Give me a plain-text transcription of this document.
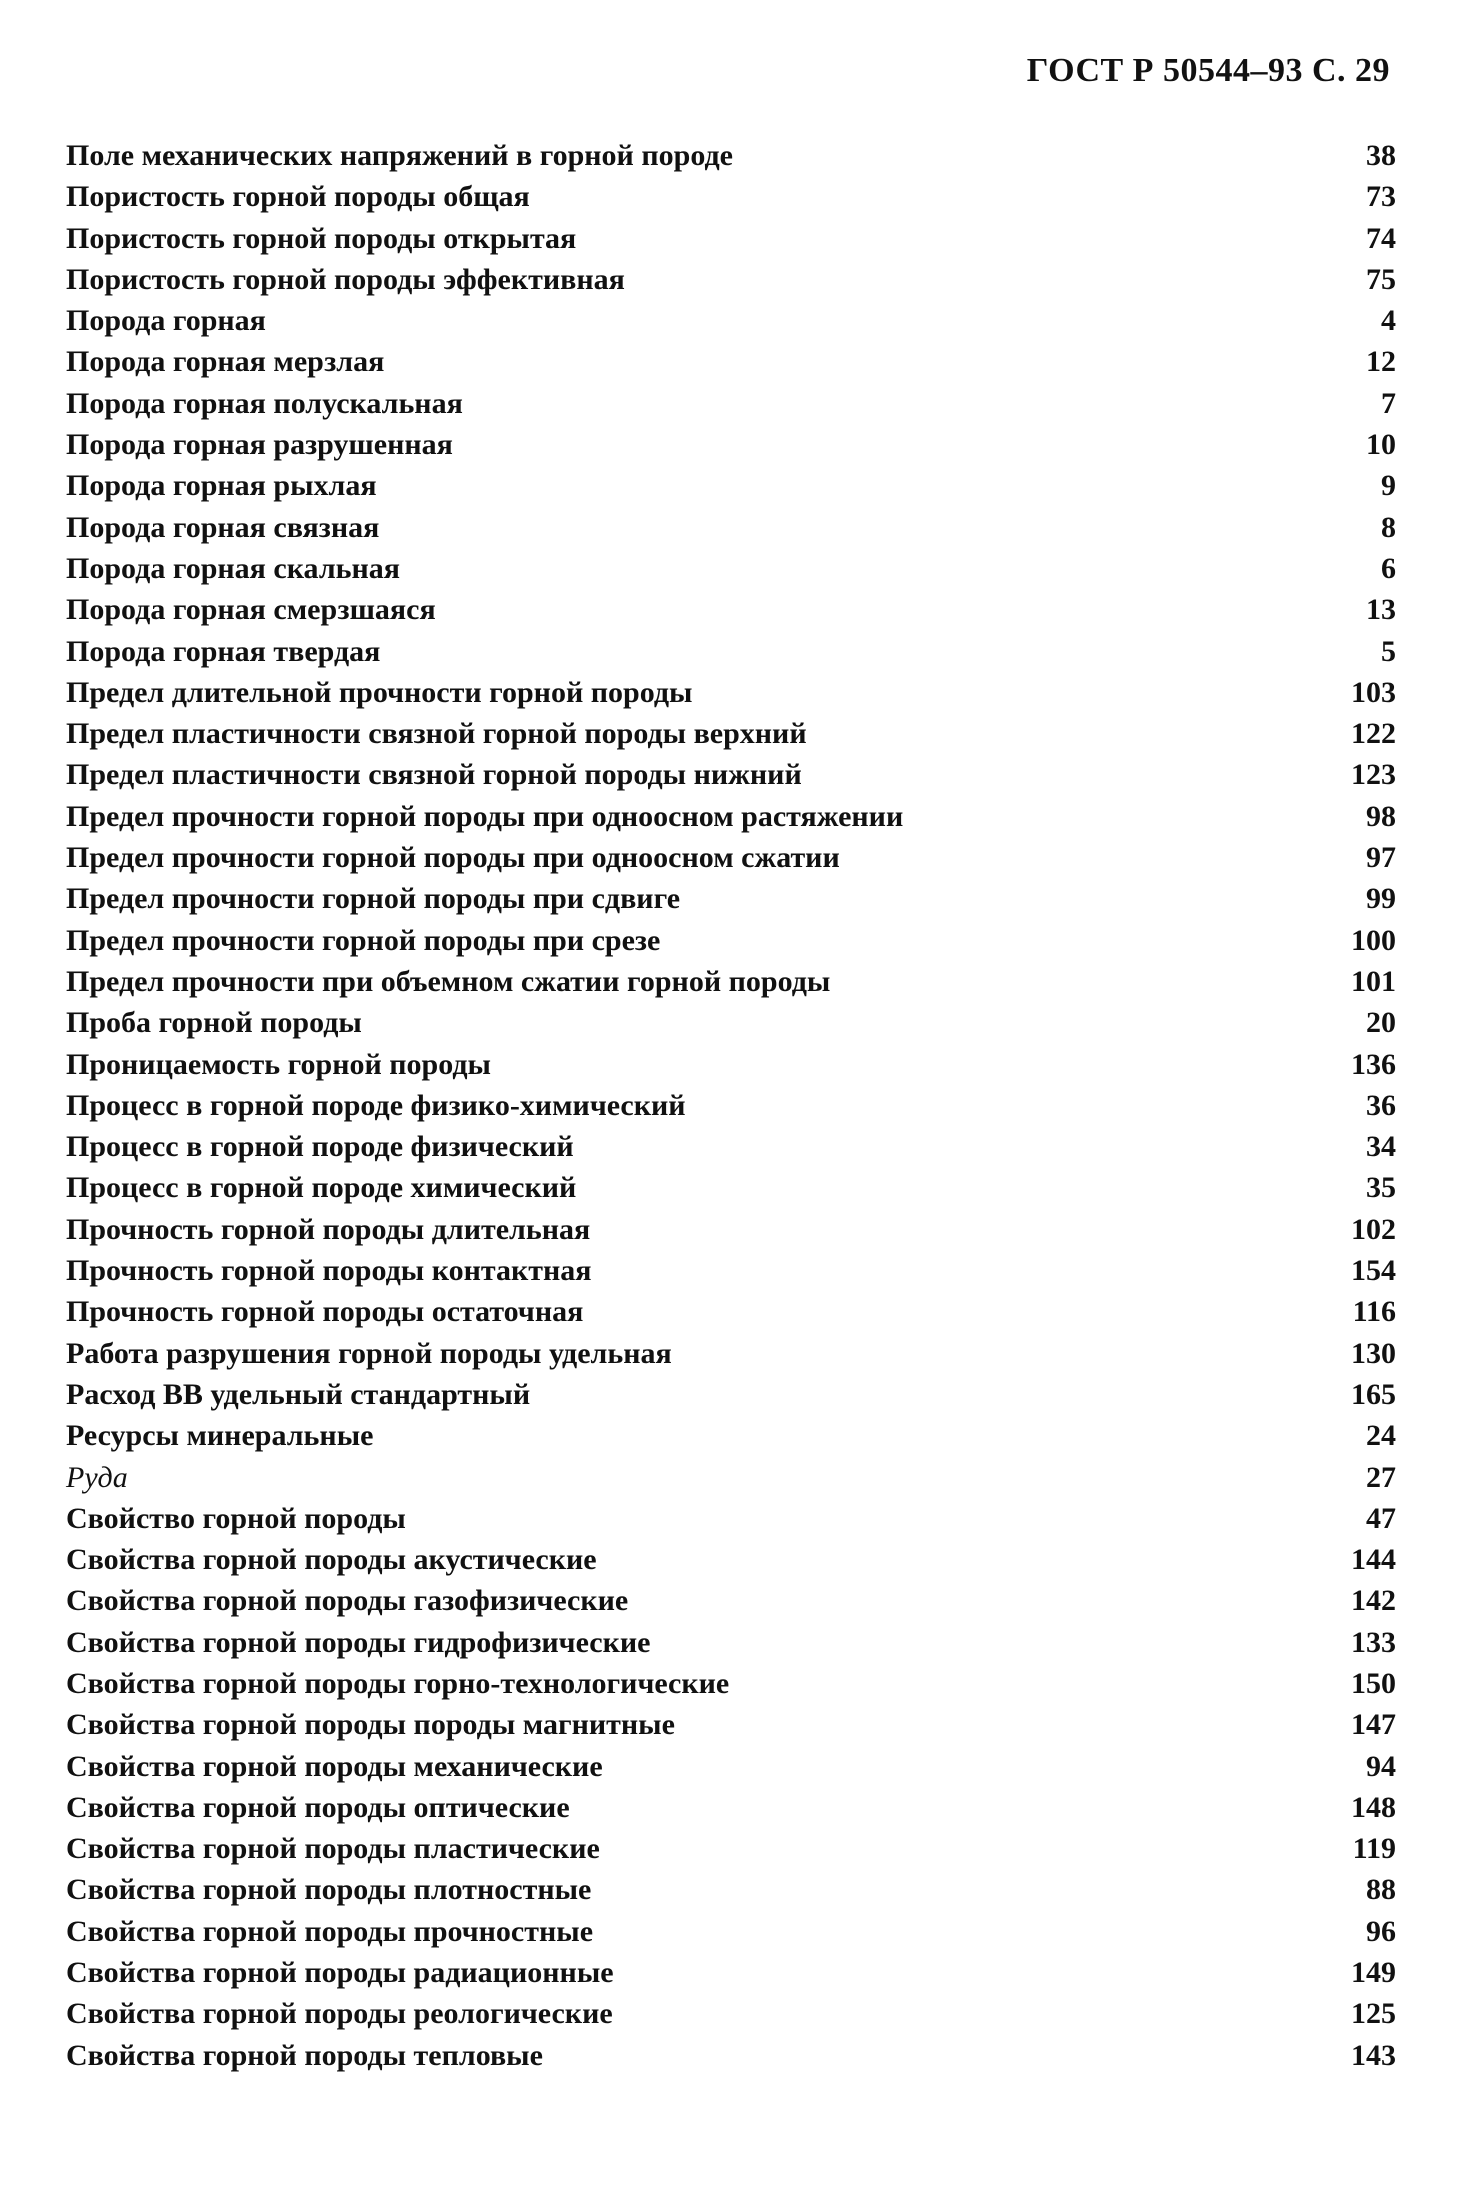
ГОСТ Р 50544–93 С. 29
Поле механических напряжений в горной породе	38
Пористость горной породы общая	73
Пористость горной породы открытая	74
Пористость горной породы эффективная	75
Порода горная	4
Порода горная мерзлая	12
Порода горная полускальная	7
Порода горная разрушенная	10
Порода горная рыхлая	9
Порода горная связная	8
Порода горная скальная	6
Порода горная смерзшаяся	13
Порода горная твердая	5
Предел длительной прочности горной породы	103
Предел пластичности связной горной породы верхний	122
Предел пластичности связной горной породы нижний	123
Предел прочности горной породы при одноосном растяжении	98
Предел прочности горной породы при одноосном сжатии	97
Предел прочности горной породы при сдвиге	99
Предел прочности горной породы при срезе	100
Предел прочности при объемном сжатии горной породы	101
Проба горной породы	20
Проницаемость горной породы	136
Процесс в горной породе физико-химический	36
Процесс в горной породе физический	34
Процесс в горной породе химический	35
Прочность горной породы длительная	102
Прочность горной породы контактная	154
Прочность горной породы остаточная	116
Работа разрушения горной породы удельная	130
Расход ВВ удельный стандартный	165
Ресурсы минеральные	24
Руда	27
Свойство горной породы	47
Свойства горной породы акустические	144
Свойства горной породы газофизические	142
Свойства горной породы гидрофизические	133
Свойства горной породы горно-технологические	150
Свойства горной породы породы магнитные	147
Свойства горной породы механические	94
Свойства горной породы оптические	148
Свойства горной породы пластические	119
Свойства горной породы плотностные	88
Свойства горной породы прочностные	96
Свойства горной породы радиационные	149
Свойства горной породы реологические	125
Свойства горной породы тепловые	143
